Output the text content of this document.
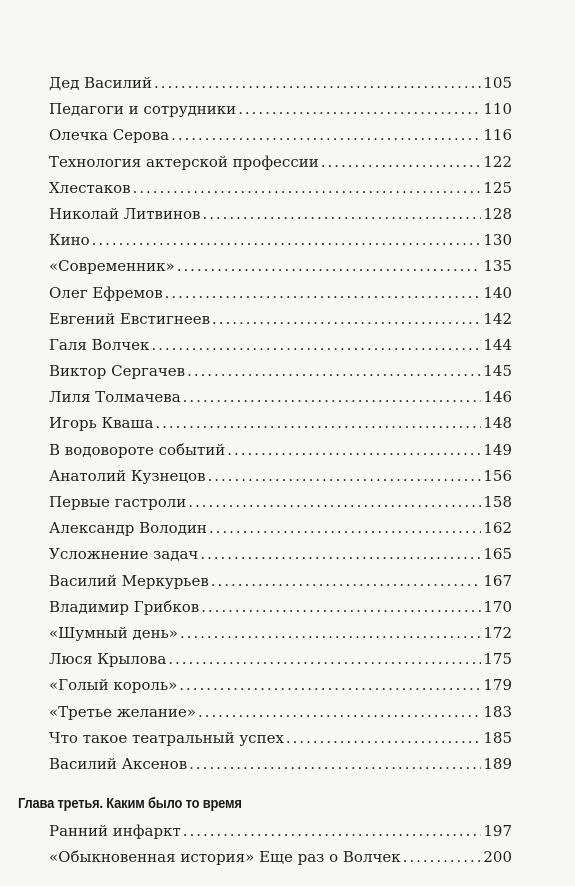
Дед Василий . . .	105
Педагоги и сотрудники . . .	110
Олечка Серова . . .	116
Технология актерской профессии . . .	122
Хлестаков . . .	125
Николай Литвинов . . .	128
Кино . . .	130
«Современник» . . .	135
Олег Ефремов . . .	140
Евгений Евстигнеев . . .	142
Галя Волчек . . .	144
Виктор Сергачев . . .	145
Лиля Толмачева . . .	146
Игорь Кваша . . .	148
В водовороте событий . . .	149
Анатолий Кузнецов . . .	156
Первые гастроли . . .	158
Александр Володин . . .	162
Усложнение задач . . .	165
Василий Меркурьев . . .	167
Владимир Грибков . . .	170
«Шумный день» . . .	172
Люся Крылова . . .	175
«Голый король» . . .	179
«Третье желание» . . .	183
Что такое театральный успех . . .	185
Василий Аксенов . . .	189
Глава третья. Каким было то время
Ранний инфаркт . . .	197
«Обыкновенная история» Еще раз о Волчек . . .	200
